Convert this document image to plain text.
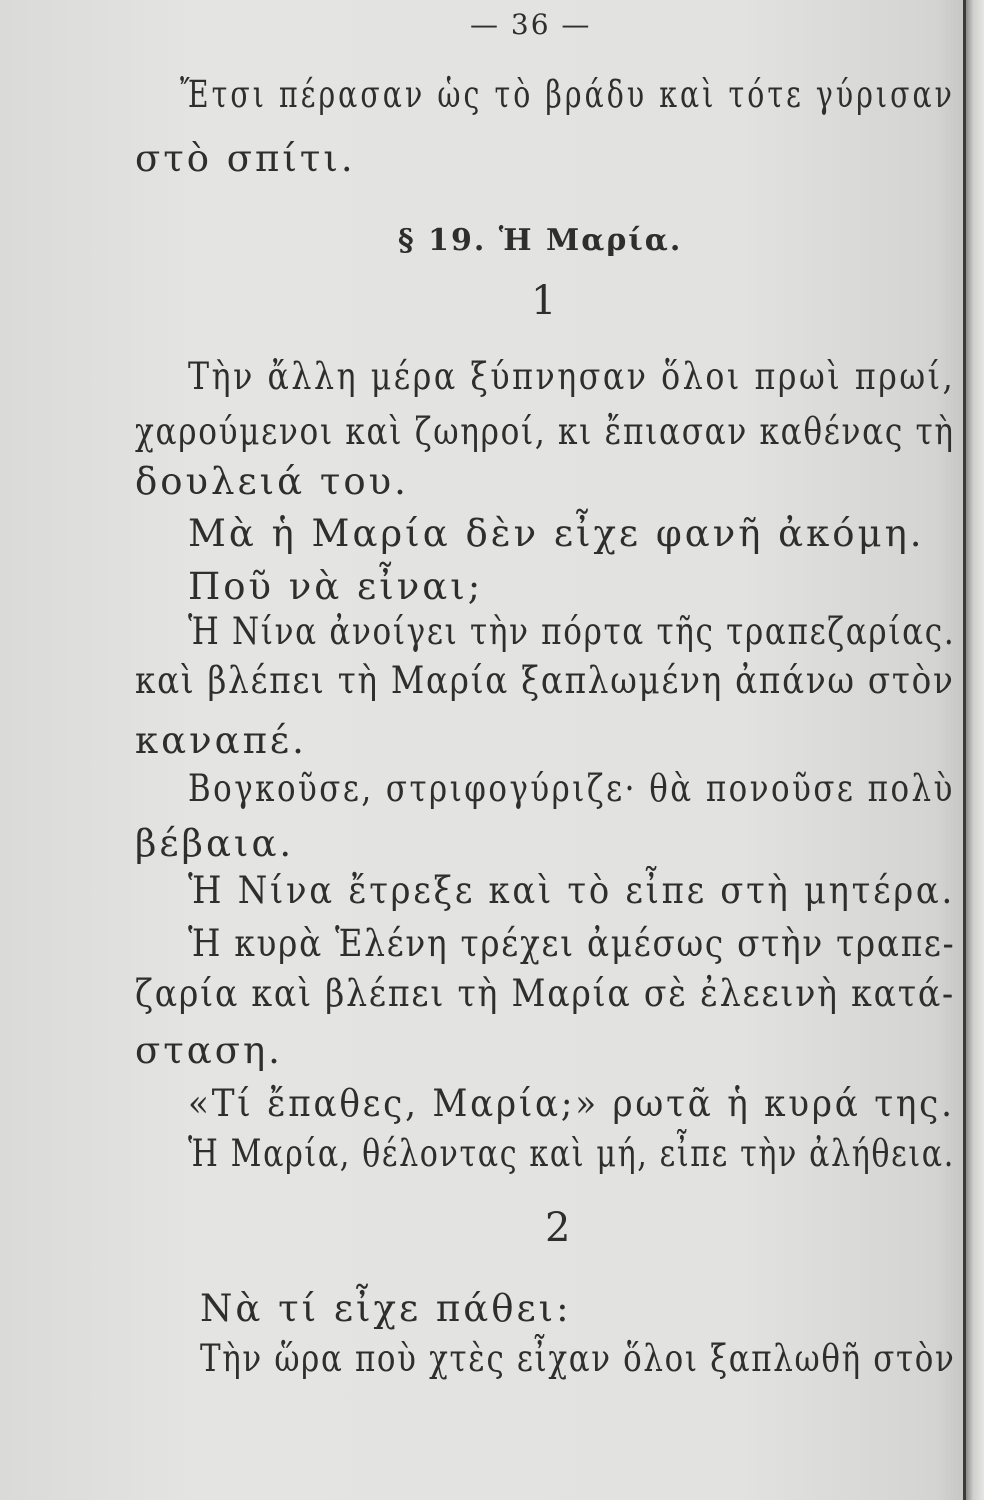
— 36 —
Ἔτσι πέρασαν ὡς τὸ βράδυ καὶ τότε γύρισαν
στὸ σπίτι.
§ 19. Ἡ Μαρία.
1
Τὴν ἄλλη μέρα ξύπνησαν ὅλοι πρωὶ πρωί,
χαρούμενοι καὶ ζωηροί, κι ἔπιασαν καθένας τὴ
δουλειά του.
Μὰ ἡ Μαρία δὲν εἶχε φανῆ ἀκόμη.
Ποῦ νὰ εἶναι;
Ἡ Νίνα ἀνοίγει τὴν πόρτα τῆς τραπεζαρίας.
καὶ βλέπει τὴ Μαρία ξαπλωμένη ἀπάνω στὸν
καναπέ.
Βογκοῦσε, στριφογύριζε· θὰ πονοῦσε πολὺ
βέβαια.
Ἡ Νίνα ἔτρεξε καὶ τὸ εἶπε στὴ μητέρα.
Ἡ κυρὰ Ἑλένη τρέχει ἀμέσως στὴν τραπε-
ζαρία καὶ βλέπει τὴ Μαρία σὲ ἐλεεινὴ κατά-
σταση.
«Τί ἔπαθες, Μαρία;» ρωτᾶ ἡ κυρά της.
Ἡ Μαρία, θέλοντας καὶ μή, εἶπε τὴν ἀλήθεια.
2
Νὰ τί εἶχε πάθει:
Τὴν ὥρα ποὺ χτὲς εἶχαν ὅλοι ξαπλωθῆ στὸν
